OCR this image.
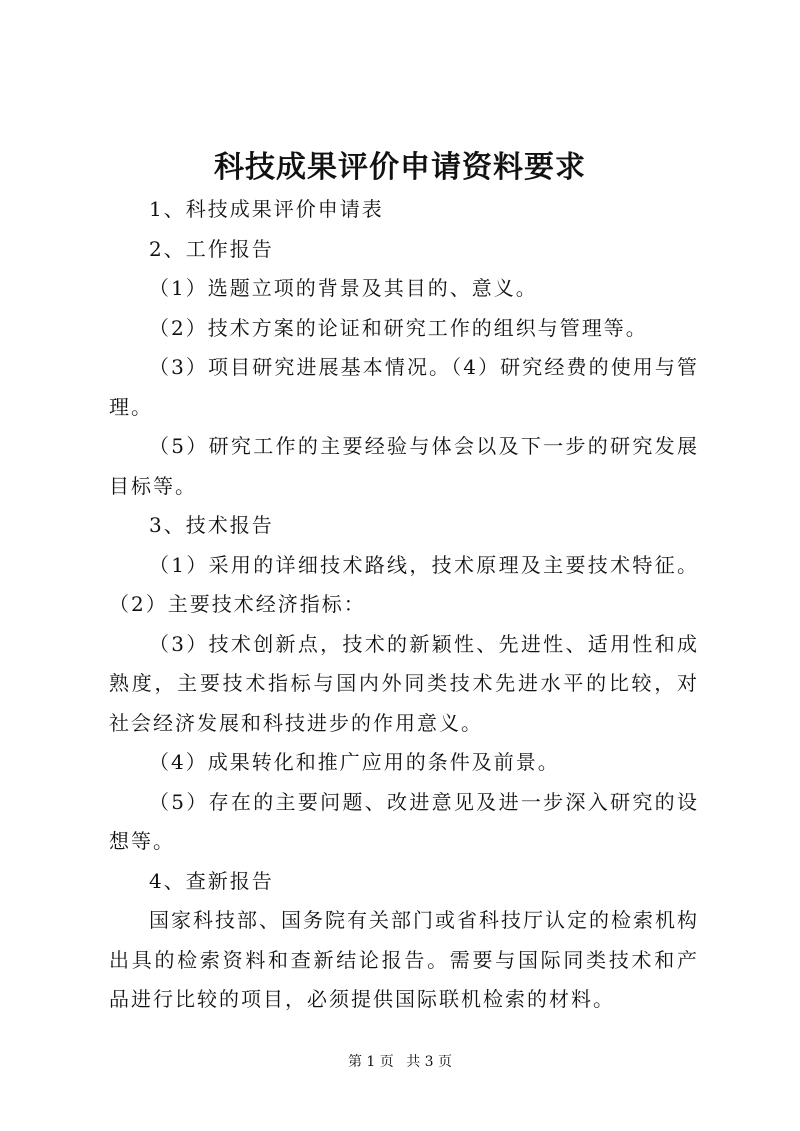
科技成果评价申请资料要求

1、科技成果评价申请表

2、工作报告

（1）选题立项的背景及其目的、意义。

（2）技术方案的论证和研究工作的组织与管理等。

（3）项目研究进展基本情况。（4）研究经费的使用与管理。

（5）研究工作的主要经验与体会以及下一步的研究发展目标等。

3、技术报告

（1）采用的详细技术路线，技术原理及主要技术特征。（2）主要技术经济指标：

（3）技术创新点，技术的新颖性、先进性、适用性和成熟度，主要技术指标与国内外同类技术先进水平的比较，对社会经济发展和科技进步的作用意义。

（4）成果转化和推广应用的条件及前景。

（5）存在的主要问题、改进意见及进一步深入研究的设想等。

4、查新报告

国家科技部、国务院有关部门或省科技厅认定的检索机构出具的检索资料和查新结论报告。需要与国际同类技术和产品进行比较的项目，必须提供国际联机检索的材料。

第 1 页 共 3 页
